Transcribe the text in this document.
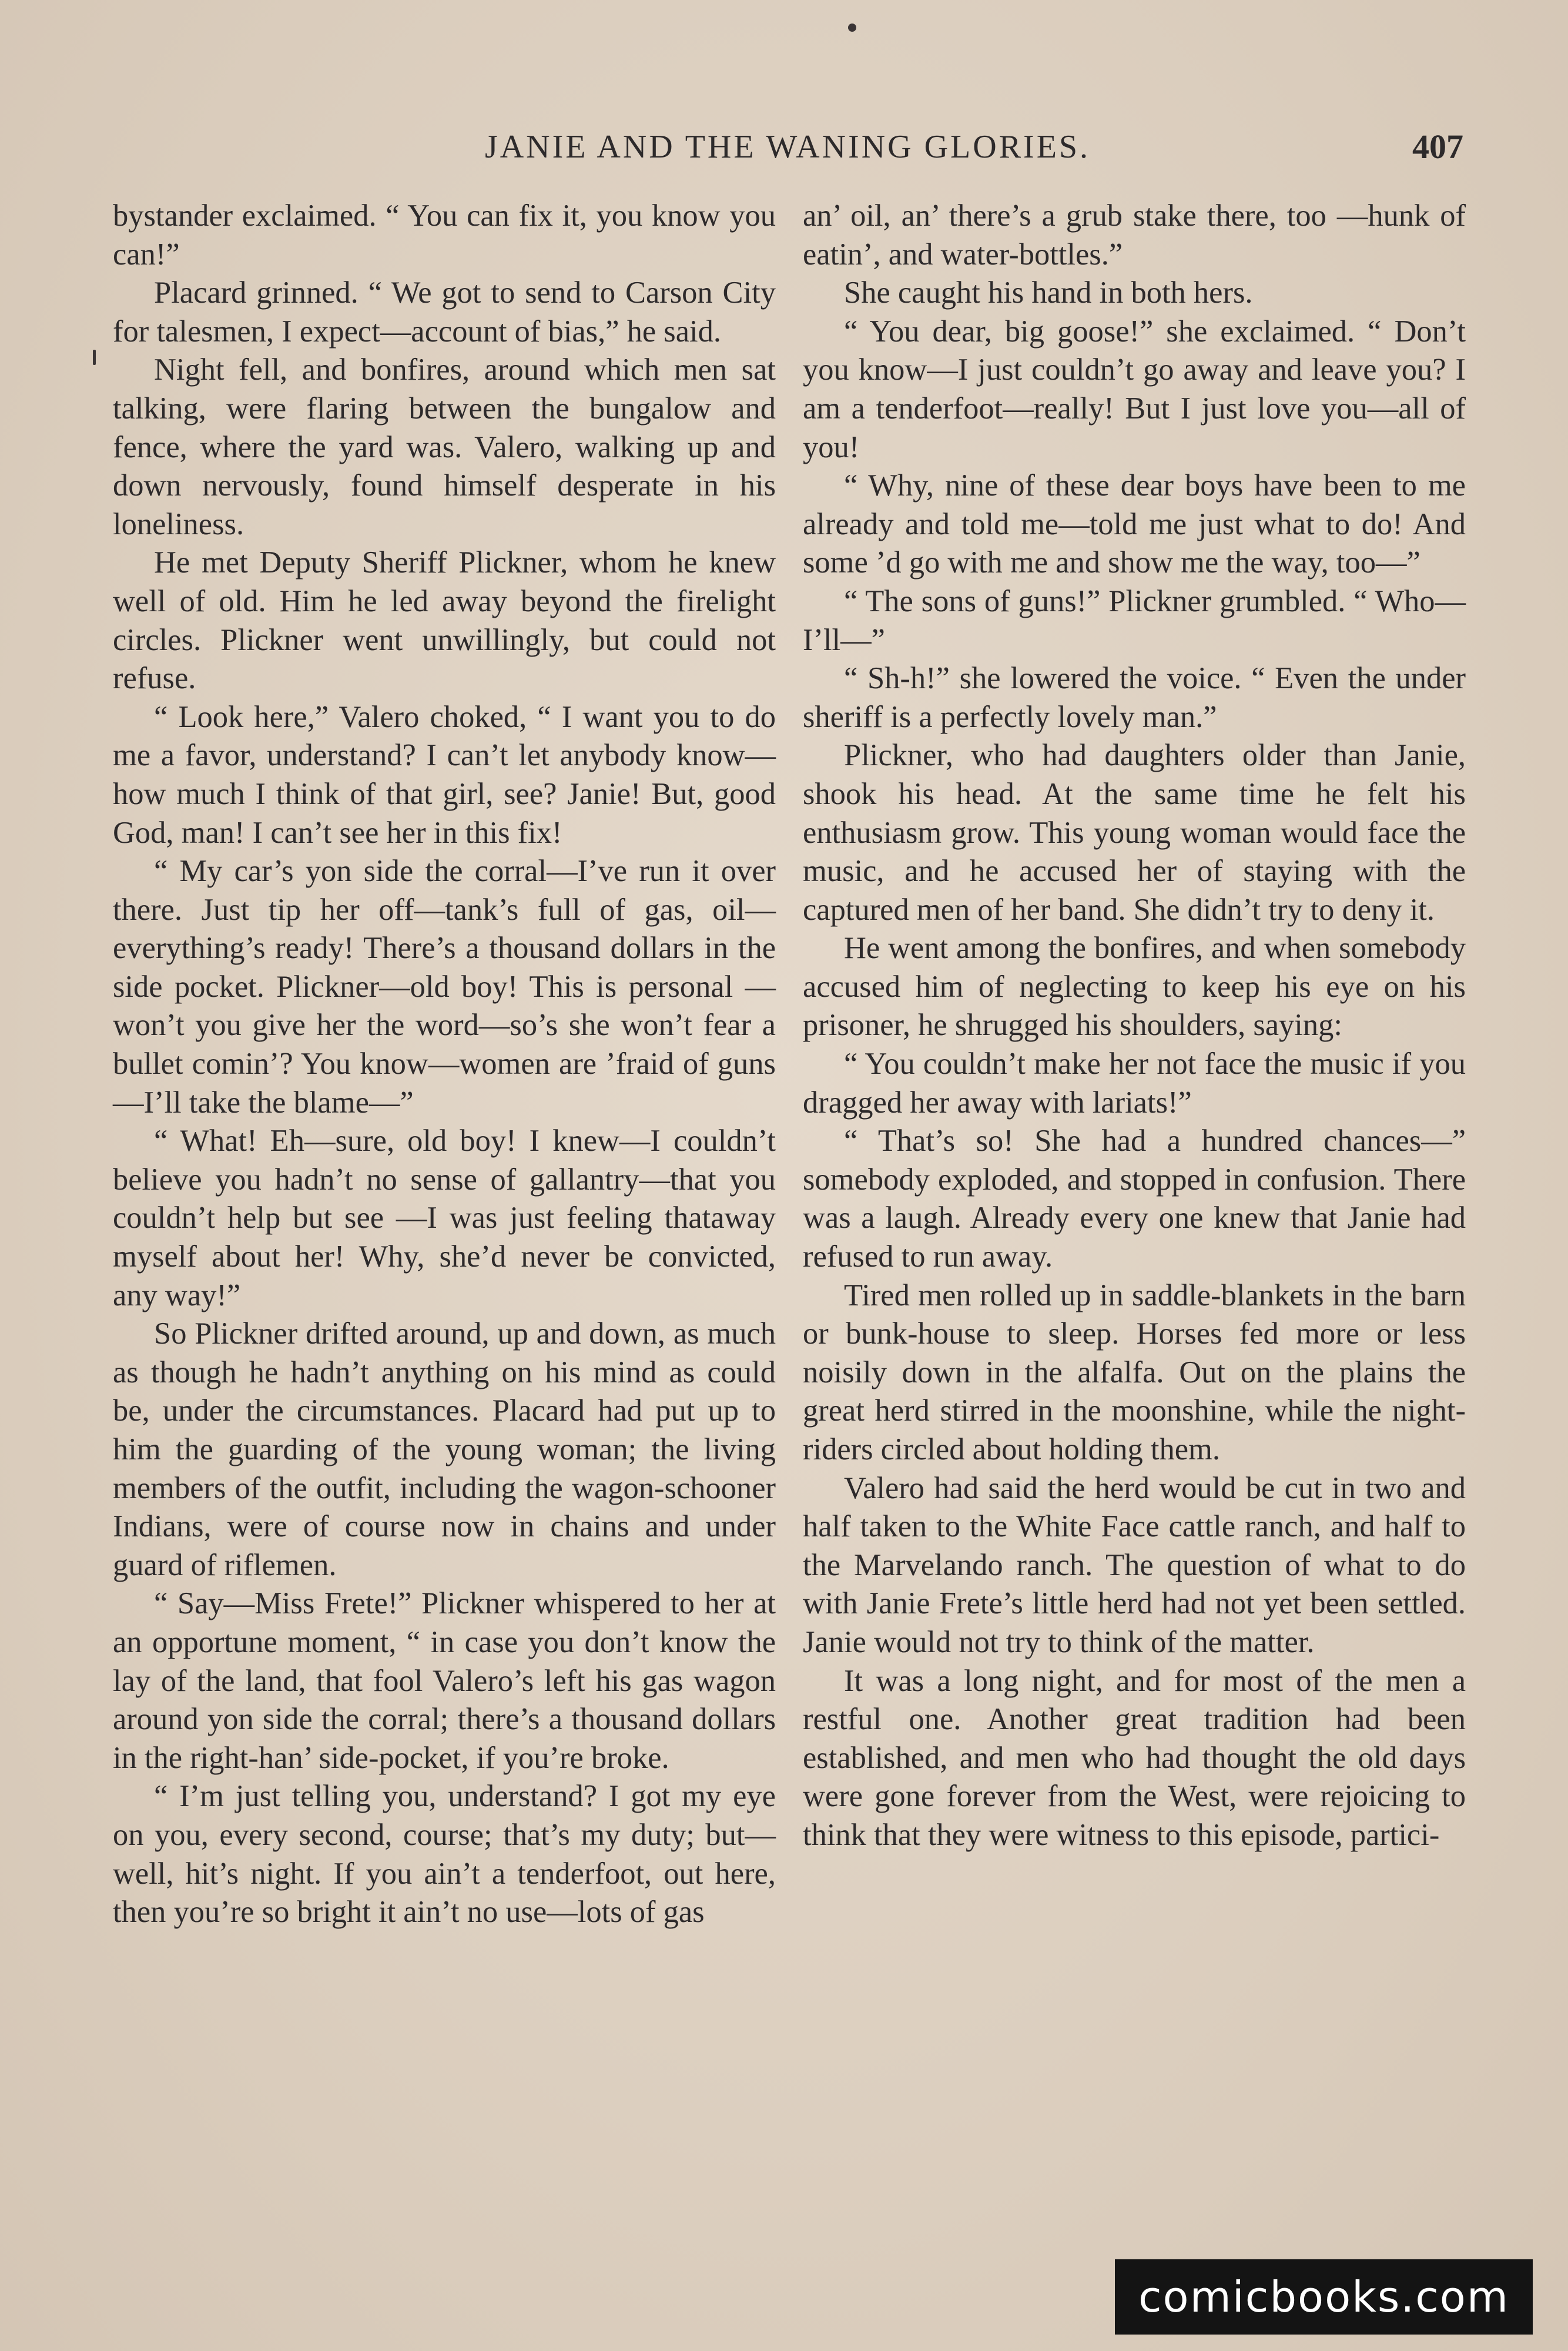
JANIE AND THE WANING GLORIES.	407

bystander exclaimed. “ You can fix it, you know you can!”

Placard grinned. “ We got to send to Carson City for talesmen, I expect—account of bias,” he said.

Night fell, and bonfires, around which men sat talking, were flaring between the bungalow and fence, where the yard was. Valero, walking up and down nervously, found himself desperate in his loneliness.

He met Deputy Sheriff Plickner, whom he knew well of old. Him he led away beyond the firelight circles. Plickner went unwillingly, but could not refuse.

“ Look here,” Valero choked, “ I want you to do me a favor, understand? I can’t let anybody know—how much I think of that girl, see? Janie! But, good God, man! I can’t see her in this fix!

“ My car’s yon side the corral—I’ve run it over there. Just tip her off—tank’s full of gas, oil—everything’s ready! There’s a thousand dollars in the side pocket. Plickner—old boy! This is personal — won’t you give her the word—so’s she won’t fear a bullet comin’? You know—women are ’fraid of guns—I’ll take the blame—”

“ What! Eh—sure, old boy! I knew—I couldn’t believe you hadn’t no sense of gallantry—that you couldn’t help but see —I was just feeling thataway myself about her! Why, she’d never be convicted, any way!”

So Plickner drifted around, up and down, as much as though he hadn’t anything on his mind as could be, under the circumstances. Placard had put up to him the guarding of the young woman; the living members of the outfit, including the wagon-schooner Indians, were of course now in chains and under guard of riflemen.

“ Say—Miss Frete!” Plickner whispered to her at an opportune moment, “ in case you don’t know the lay of the land, that fool Valero’s left his gas wagon around yon side the corral; there’s a thousand dollars in the right-han’ side-pocket, if you’re broke.

“ I’m just telling you, understand? I got my eye on you, every second, course; that’s my duty; but—well, hit’s night. If you ain’t a tenderfoot, out here, then you’re so bright it ain’t no use—lots of gas

an’ oil, an’ there’s a grub stake there, too —hunk of eatin’, and water-bottles.”

She caught his hand in both hers.

“ You dear, big goose!” she exclaimed. “ Don’t you know—I just couldn’t go away and leave you? I am a tenderfoot—really! But I just love you—all of you!

“ Why, nine of these dear boys have been to me already and told me—told me just what to do! And some ’d go with me and show me the way, too—”

“ The sons of guns!” Plickner grumbled. “ Who—I’ll—”

“ Sh-h!” she lowered the voice. “ Even the under sheriff is a perfectly lovely man.”

Plickner, who had daughters older than Janie, shook his head. At the same time he felt his enthusiasm grow. This young woman would face the music, and he accused her of staying with the captured men of her band. She didn’t try to deny it.

He went among the bonfires, and when somebody accused him of neglecting to keep his eye on his prisoner, he shrugged his shoulders, saying:

“ You couldn’t make her not face the music if you dragged her away with lariats!”

“ That’s so! She had a hundred chances—” somebody exploded, and stopped in confusion. There was a laugh. Already every one knew that Janie had refused to run away.

Tired men rolled up in saddle-blankets in the barn or bunk-house to sleep. Horses fed more or less noisily down in the alfalfa. Out on the plains the great herd stirred in the moonshine, while the night-riders circled about holding them.

Valero had said the herd would be cut in two and half taken to the White Face cattle ranch, and half to the Marvelando ranch. The question of what to do with Janie Frete’s little herd had not yet been settled. Janie would not try to think of the matter.

It was a long night, and for most of the men a restful one. Another great tradition had been established, and men who had thought the old days were gone forever from the West, were rejoicing to think that they were witness to this episode, partici-

comicbooks.com
